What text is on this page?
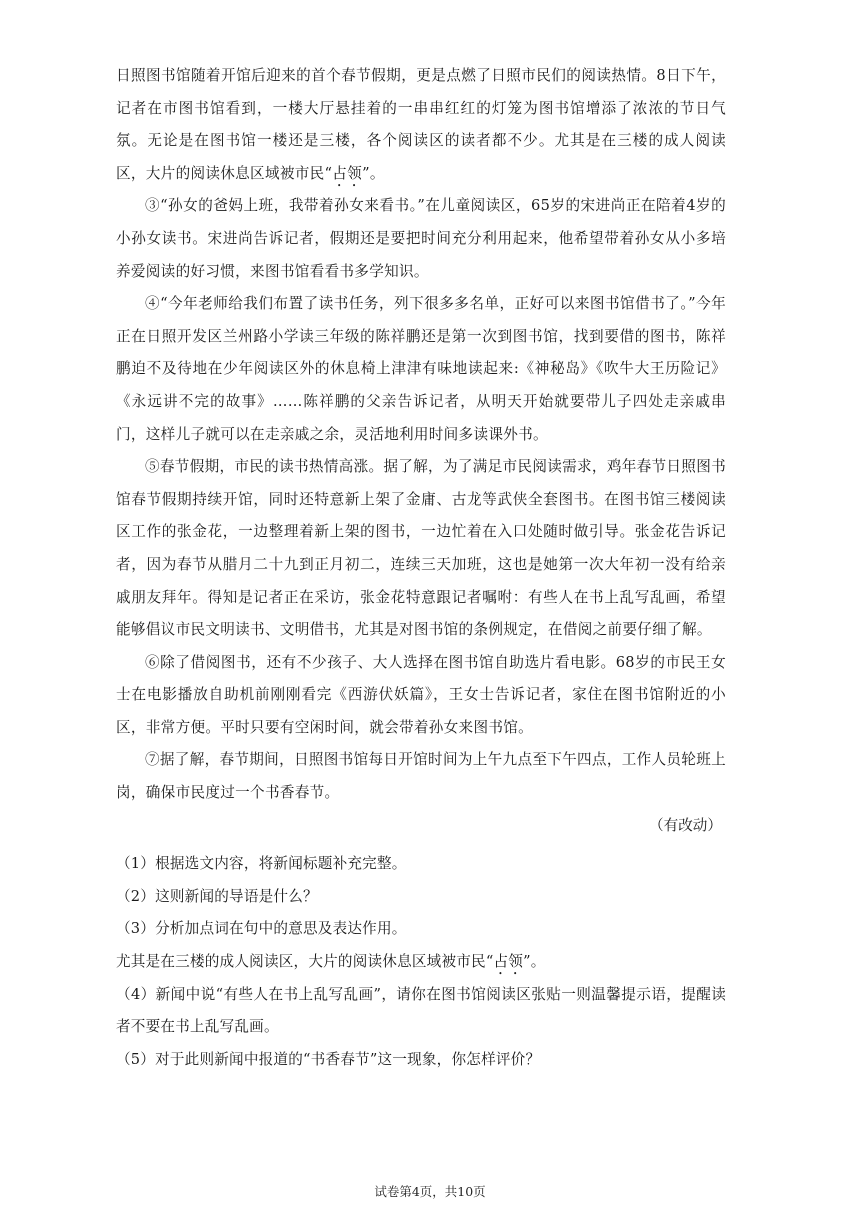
日照图书馆随着开馆后迎来的首个春节假期，更是点燃了日照市民们的阅读热情。8日下午，记者在市图书馆看到，一楼大厅悬挂着的一串串红红的灯笼为图书馆增添了浓浓的节日气氛。无论是在图书馆一楼还是三楼，各个阅读区的读者都不少。尤其是在三楼的成人阅读区，大片的阅读休息区域被市民“占领”。

③“孙女的爸妈上班，我带着孙女来看书。”在儿童阅读区，65岁的宋进尚正在陪着4岁的小孙女读书。宋进尚告诉记者，假期还是要把时间充分利用起来，他希望带着孙女从小多培养爱阅读的好习惯，来图书馆看看书多学知识。

④“今年老师给我们布置了读书任务，列下很多多名单，正好可以来图书馆借书了。”今年正在日照开发区兰州路小学读三年级的陈祥鹏还是第一次到图书馆，找到要借的图书，陈祥鹏迫不及待地在少年阅读区外的休息椅上津津有味地读起来:《神秘岛》《吹牛大王历险记》《永远讲不完的故事》……陈祥鹏的父亲告诉记者，从明天开始就要带儿子四处走亲戚串门，这样儿子就可以在走亲戚之余，灵活地利用时间多读课外书。

⑤春节假期，市民的读书热情高涨。据了解，为了满足市民阅读需求，鸡年春节日照图书馆春节假期持续开馆，同时还特意新上架了金庸、古龙等武侠全套图书。在图书馆三楼阅读区工作的张金花，一边整理着新上架的图书，一边忙着在入口处随时做引导。张金花告诉记者，因为春节从腊月二十九到正月初二，连续三天加班，这也是她第一次大年初一没有给亲戚朋友拜年。得知是记者正在采访，张金花特意跟记者嘱咐：有些人在书上乱写乱画，希望能够倡议市民文明读书、文明借书，尤其是对图书馆的条例规定，在借阅之前要仔细了解。

⑥除了借阅图书，还有不少孩子、大人选择在图书馆自助选片看电影。68岁的市民王女士在电影播放自助机前刚刚看完《西游伏妖篇》，王女士告诉记者，家住在图书馆附近的小区，非常方便。平时只要有空闲时间，就会带着孙女来图书馆。

⑦据了解，春节期间，日照图书馆每日开馆时间为上午九点至下午四点，工作人员轮班上岗，确保市民度过一个书香春节。

（有改动）

（1）根据选文内容，将新闻标题补充完整。

（2）这则新闻的导语是什么？

（3）分析加点词在句中的意思及表达作用。

尤其是在三楼的成人阅读区，大片的阅读休息区域被市民“占领”。

（4）新闻中说“有些人在书上乱写乱画”，请你在图书馆阅读区张贴一则温馨提示语，提醒读者不要在书上乱写乱画。

（5）对于此则新闻中报道的“书香春节”这一现象，你怎样评价？

试卷第4页，共10页
